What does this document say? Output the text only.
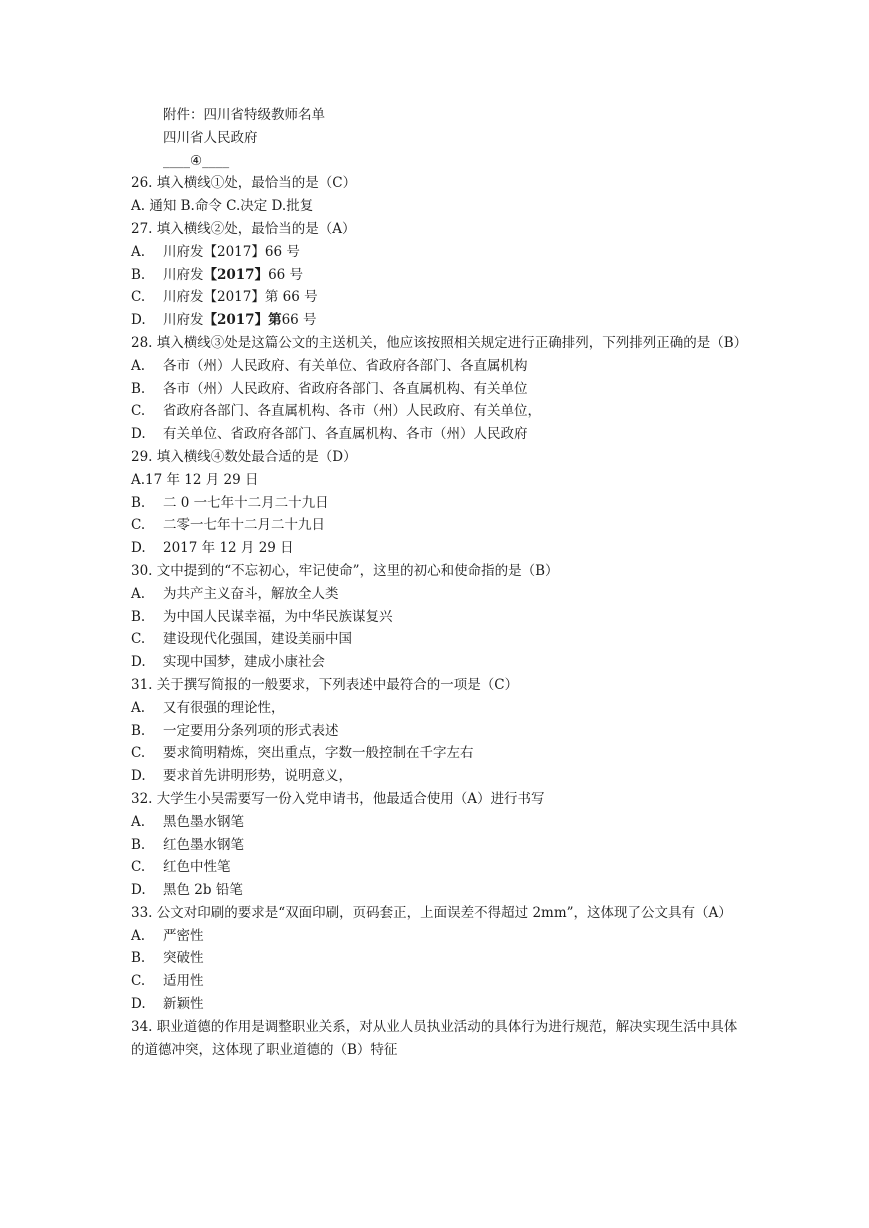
附件：四川省特级教师名单
四川省人民政府
____④____
26. 填入横线①处，最恰当的是（C）
A. 通知 B.命令 C.决定 D.批复
27. 填入横线②处，最恰当的是（A）
A.	川府发【2017】66 号
B.	川府发 【2017】 66 号
C.	川府发【2017】第 66 号
D.	川府发 【2017】第 66 号
28. 填入横线③处是这篇公文的主送机关，他应该按照相关规定进行正确排列，下列排列正确的是（B）
A.	各市（州）人民政府、有关单位、省政府各部门、各直属机构
B.	各市（州）人民政府、省政府各部门、各直属机构、有关单位
C.	省政府各部门、各直属机构、各市（州）人民政府、有关单位，
D.	有关单位、省政府各部门、各直属机构、各市（州）人民政府
29. 填入横线④数处最合适的是（D）
A.17 年 12 月 29 日
B.	二 0 一七年十二月二十九日
C.	二零一七年十二月二十九日
D.	2017 年 12 月 29 日
30. 文中提到的“不忘初心，牢记使命”，这里的初心和使命指的是（B）
A.	为共产主义奋斗，解放全人类
B.	为中国人民谋幸福，为中华民族谋复兴
C.	建设现代化强国，建设美丽中国
D.	实现中国梦，建成小康社会
31. 关于撰写简报的一般要求，下列表述中最符合的一项是（C）
A.	又有很强的理论性，
B.	一定要用分条列项的形式表述
C.	要求简明精炼，突出重点，字数一般控制在千字左右
D.	要求首先讲明形势，说明意义，
32. 大学生小吴需要写一份入党申请书，他最适合使用（A）进行书写
A.	黑色墨水钢笔
B.	红色墨水钢笔
C.	红色中性笔
D.	黑色 2b 铅笔
33. 公文对印刷的要求是“双面印刷，页码套正，上面误差不得超过 2mm”，这体现了公文具有（A）
A.	严密性
B.	突破性
C.	适用性
D.	新颖性
34. 职业道德的作用是调整职业关系，对从业人员执业活动的具体行为进行规范，解决实现生活中具体的道德冲突，这体现了职业道德的（B）特征
